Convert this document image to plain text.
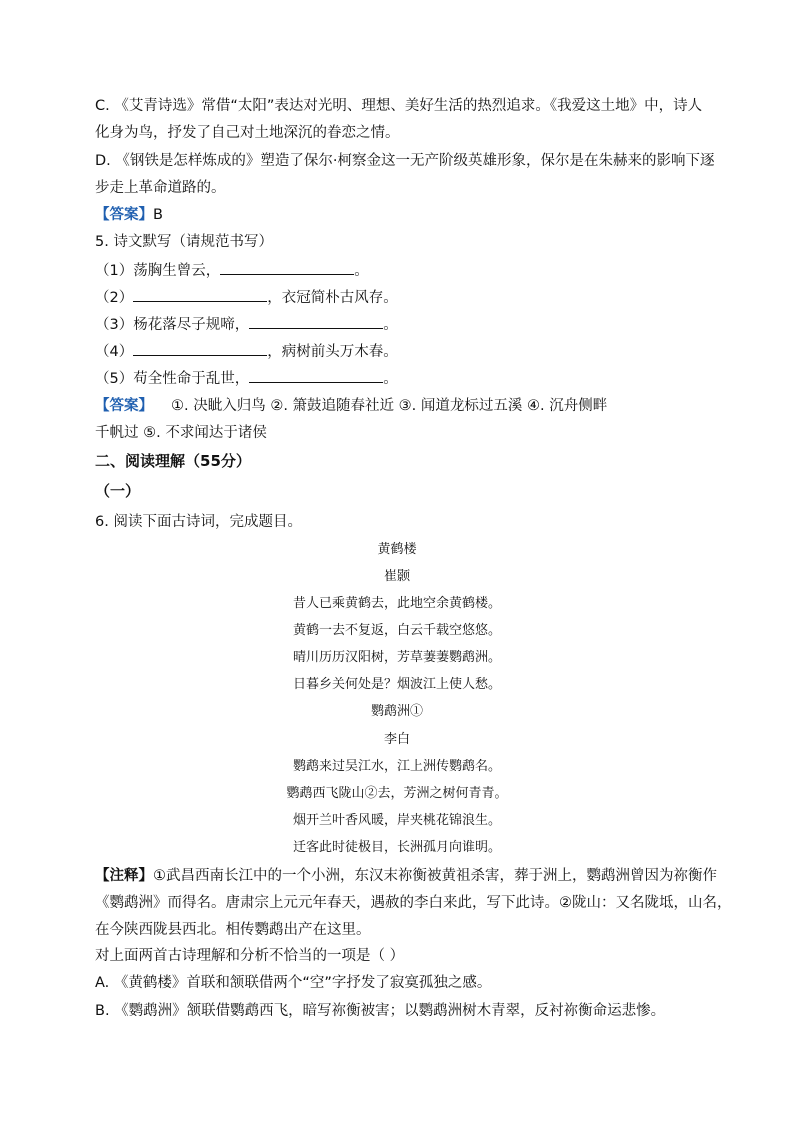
C. 《艾青诗选》常借“太阳”表达对光明、理想、美好生活的热烈追求。《我爱这土地》中，诗人
化身为鸟，抒发了自己对土地深沉的眷恋之情。
D. 《钢铁是怎样炼成的》塑造了保尔·柯察金这一无产阶级英雄形象，保尔是在朱赫来的影响下逐
步走上革命道路的。
【答案】B
5. 诗文默写（请规范书写）
（1）荡胸生曾云，	。
（2）	，衣冠简朴古风存。
（3）杨花落尽子规啼，	。
（4）	，病树前头万木春。
（5）苟全性命于乱世，	。
【答案】 ①. 决眦入归鸟 ②. 箫鼓追随春社近 ③. 闻道龙标过五溪 ④. 沉舟侧畔
千帆过 ⑤. 不求闻达于诸侯
二、阅读理解（55分）
（一）
6. 阅读下面古诗词，完成题目。
黄鹤楼
崔颢
昔人已乘黄鹤去，此地空余黄鹤楼。
黄鹤一去不复返，白云千载空悠悠。
晴川历历汉阳树，芳草萋萋鹦鹉洲。
日暮乡关何处是？烟波江上使人愁。
鹦鹉洲①
李白
鹦鹉来过吴江水，江上洲传鹦鹉名。
鹦鹉西飞陇山②去，芳洲之树何青青。
烟开兰叶香风暖，岸夹桃花锦浪生。
迁客此时徒极目，长洲孤月向谁明。
【注释】①武昌西南长江中的一个小洲，东汉末祢衡被黄祖杀害，葬于洲上，鹦鹉洲曾因为祢衡作
《鹦鹉洲》而得名。唐肃宗上元元年春天，遇赦的李白来此，写下此诗。②陇山：又名陇坻，山名，
在今陕西陇县西北。相传鹦鹉出产在这里。
对上面两首古诗理解和分析不恰当的一项是（ ）
A. 《黄鹤楼》首联和颔联借两个“空”字抒发了寂寞孤独之感。
B. 《鹦鹉洲》颔联借鹦鹉西飞，暗写祢衡被害；以鹦鹉洲树木青翠，反衬祢衡命运悲惨。
